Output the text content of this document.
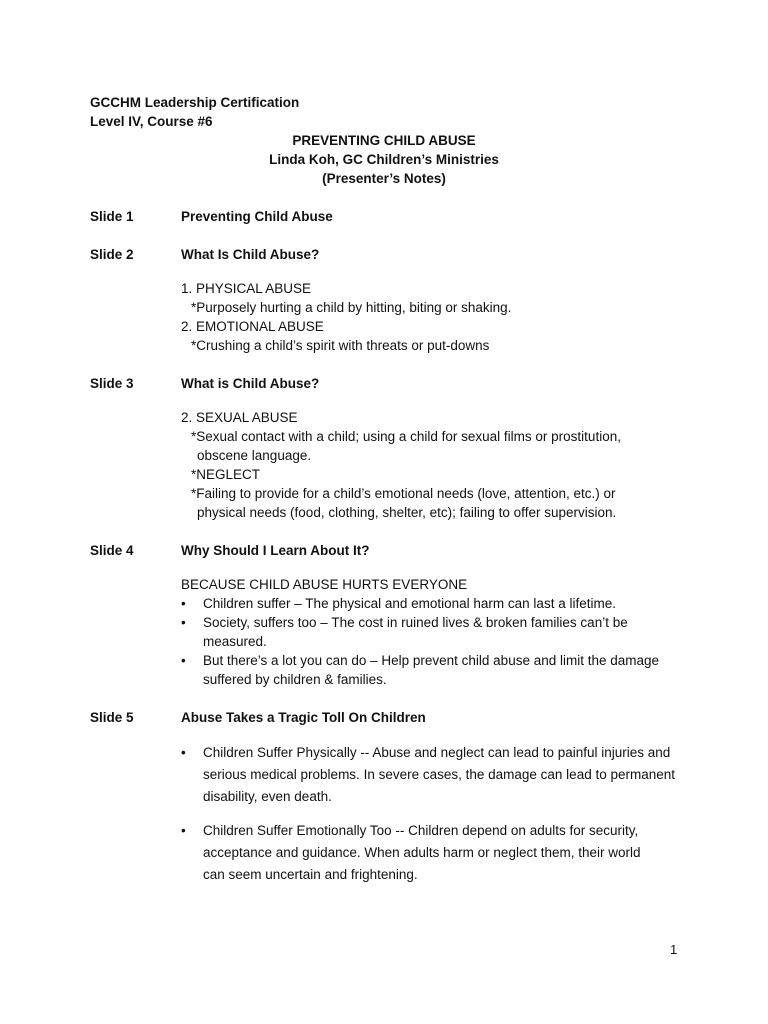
GCCHM Leadership Certification
Level IV, Course #6
PREVENTING CHILD ABUSE
Linda Koh, GC Children’s Ministries
(Presenter’s Notes)
Slide 1	Preventing Child Abuse
Slide 2	What Is Child Abuse?
1. PHYSICAL ABUSE
*Purposely hurting a child by hitting, biting or shaking.
2. EMOTIONAL ABUSE
*Crushing a child’s spirit with threats or put-downs
Slide 3	What is Child Abuse?
2. SEXUAL ABUSE
*Sexual contact with a child; using a child for sexual films or prostitution,
obscene language.
*NEGLECT
*Failing to provide for a child’s emotional needs (love, attention, etc.) or
physical needs (food, clothing, shelter, etc); failing to offer supervision.
Slide 4	Why Should I Learn About It?
BECAUSE CHILD ABUSE HURTS EVERYONE
• Children suffer – The physical and emotional harm can last a lifetime.
• Society, suffers too – The cost in ruined lives & broken families can’t be measured.
• But there’s a lot you can do – Help prevent child abuse and limit the damage suffered by children & families.
Slide 5	Abuse Takes a Tragic Toll On Children
• Children Suffer Physically -- Abuse and neglect can lead to painful injuries and serious medical problems. In severe cases, the damage can lead to permanent disability, even death.
• Children Suffer Emotionally Too -- Children depend on adults for security, acceptance and guidance. When adults harm or neglect them, their world can seem uncertain and frightening.
1
